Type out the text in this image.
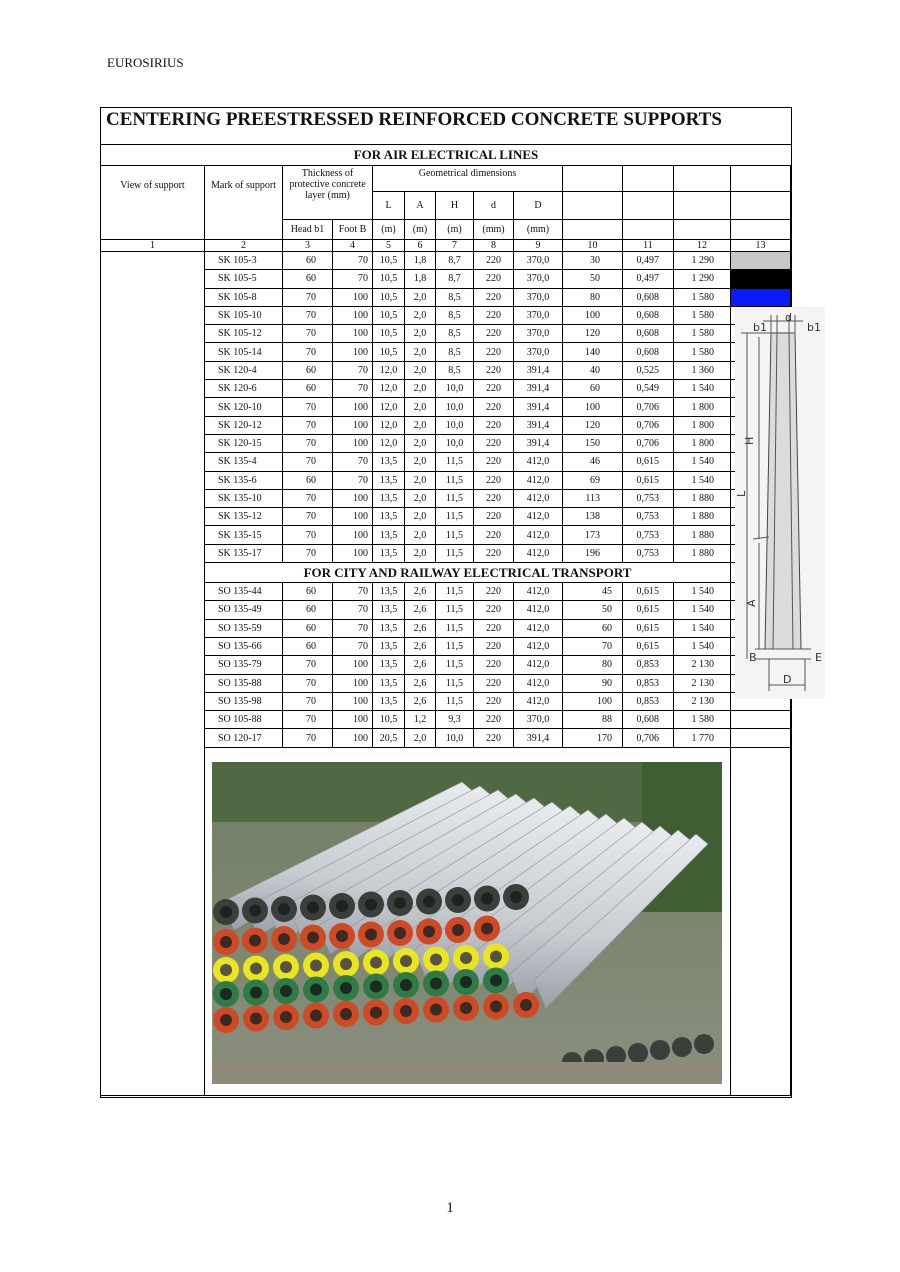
EUROSIRIUS
CENTERING PREESTRESSED REINFORCED CONCRETE SUPPORTS
FOR AIR ELECTRICAL LINES
View of support	Mark of support	Thickness of protective concrete layer (mm)		Geometrical dimensions								
				L	A	H	d	D				
		Head b1	Foot B	(m)	(m)	(m)	(mm)	(mm)				
1	2	3	4	5	6	7	8	9	10	11	12	13
	SK 105-3	60	70	10,5	1,8	8,7	220	370,0	30	0,497	1 290	
	SK 105-5	60	70	10,5	1,8	8,7	220	370,0	50	0,497	1 290	
	SK 105-8	70	100	10,5	2,0	8,5	220	370,0	80	0,608	1 580	
	SK 105-10	70	100	10,5	2,0	8,5	220	370,0	100	0,608	1 580	
	SK 105-12	70	100	10,5	2,0	8,5	220	370,0	120	0,608	1 580	
	SK 105-14	70	100	10,5	2,0	8,5	220	370,0	140	0,608	1 580	
	SK 120-4	60	70	12,0	2,0	8,5	220	391,4	40	0,525	1 360	
	SK 120-6	60	70	12,0	2,0	10,0	220	391,4	60	0,549	1 540	
	SK 120-10	70	100	12,0	2,0	10,0	220	391,4	100	0,706	1 800	
	SK 120-12	70	100	12,0	2,0	10,0	220	391,4	120	0,706	1 800	
	SK 120-15	70	100	12,0	2,0	10,0	220	391,4	150	0,706	1 800	
	SK 135-4	70	70	13,5	2,0	11,5	220	412,0	46	0,615	1 540	
	SK 135-6	60	70	13,5	2,0	11,5	220	412,0	69	0,615	1 540	
	SK 135-10	70	100	13,5	2,0	11,5	220	412,0	113	0,753	1 880	
	SK 135-12	70	100	13,5	2,0	11,5	220	412,0	138	0,753	1 880	
	SK 135-15	70	100	13,5	2,0	11,5	220	412,0	173	0,753	1 880	
	SK 135-17	70	100	13,5	2,0	11,5	220	412,0	196	0,753	1 880	
	FOR CITY AND RAILWAY ELECTRICAL TRANSPORT											
	SO 135-44	60	70	13,5	2,6	11,5	220	412,0	45	0,615	1 540	
	SO 135-49	60	70	13,5	2,6	11,5	220	412,0	50	0,615	1 540	
	SO 135-59	60	70	13,5	2,6	11,5	220	412,0	60	0,615	1 540	
	SO 135-66	60	70	13,5	2,6	11,5	220	412,0	70	0,615	1 540	
	SO 135-79	70	100	13,5	2,6	11,5	220	412,0	80	0,853	2 130	
	SO 135-88	70	100	13,5	2,6	11,5	220	412,0	90	0,853	2 130	
	SO 135-98	70	100	13,5	2,6	11,5	220	412,0	100	0,853	2 130	
	SO 105-88	70	100	10,5	1,2	9,3	220	370,0	88	0,608	1 580	
	SO 120-17	70	100	20,5	2,0	10,0	220	391,4	170	0,706	1 770	

b1
d
b1
H
L
A
B	E
D
1
